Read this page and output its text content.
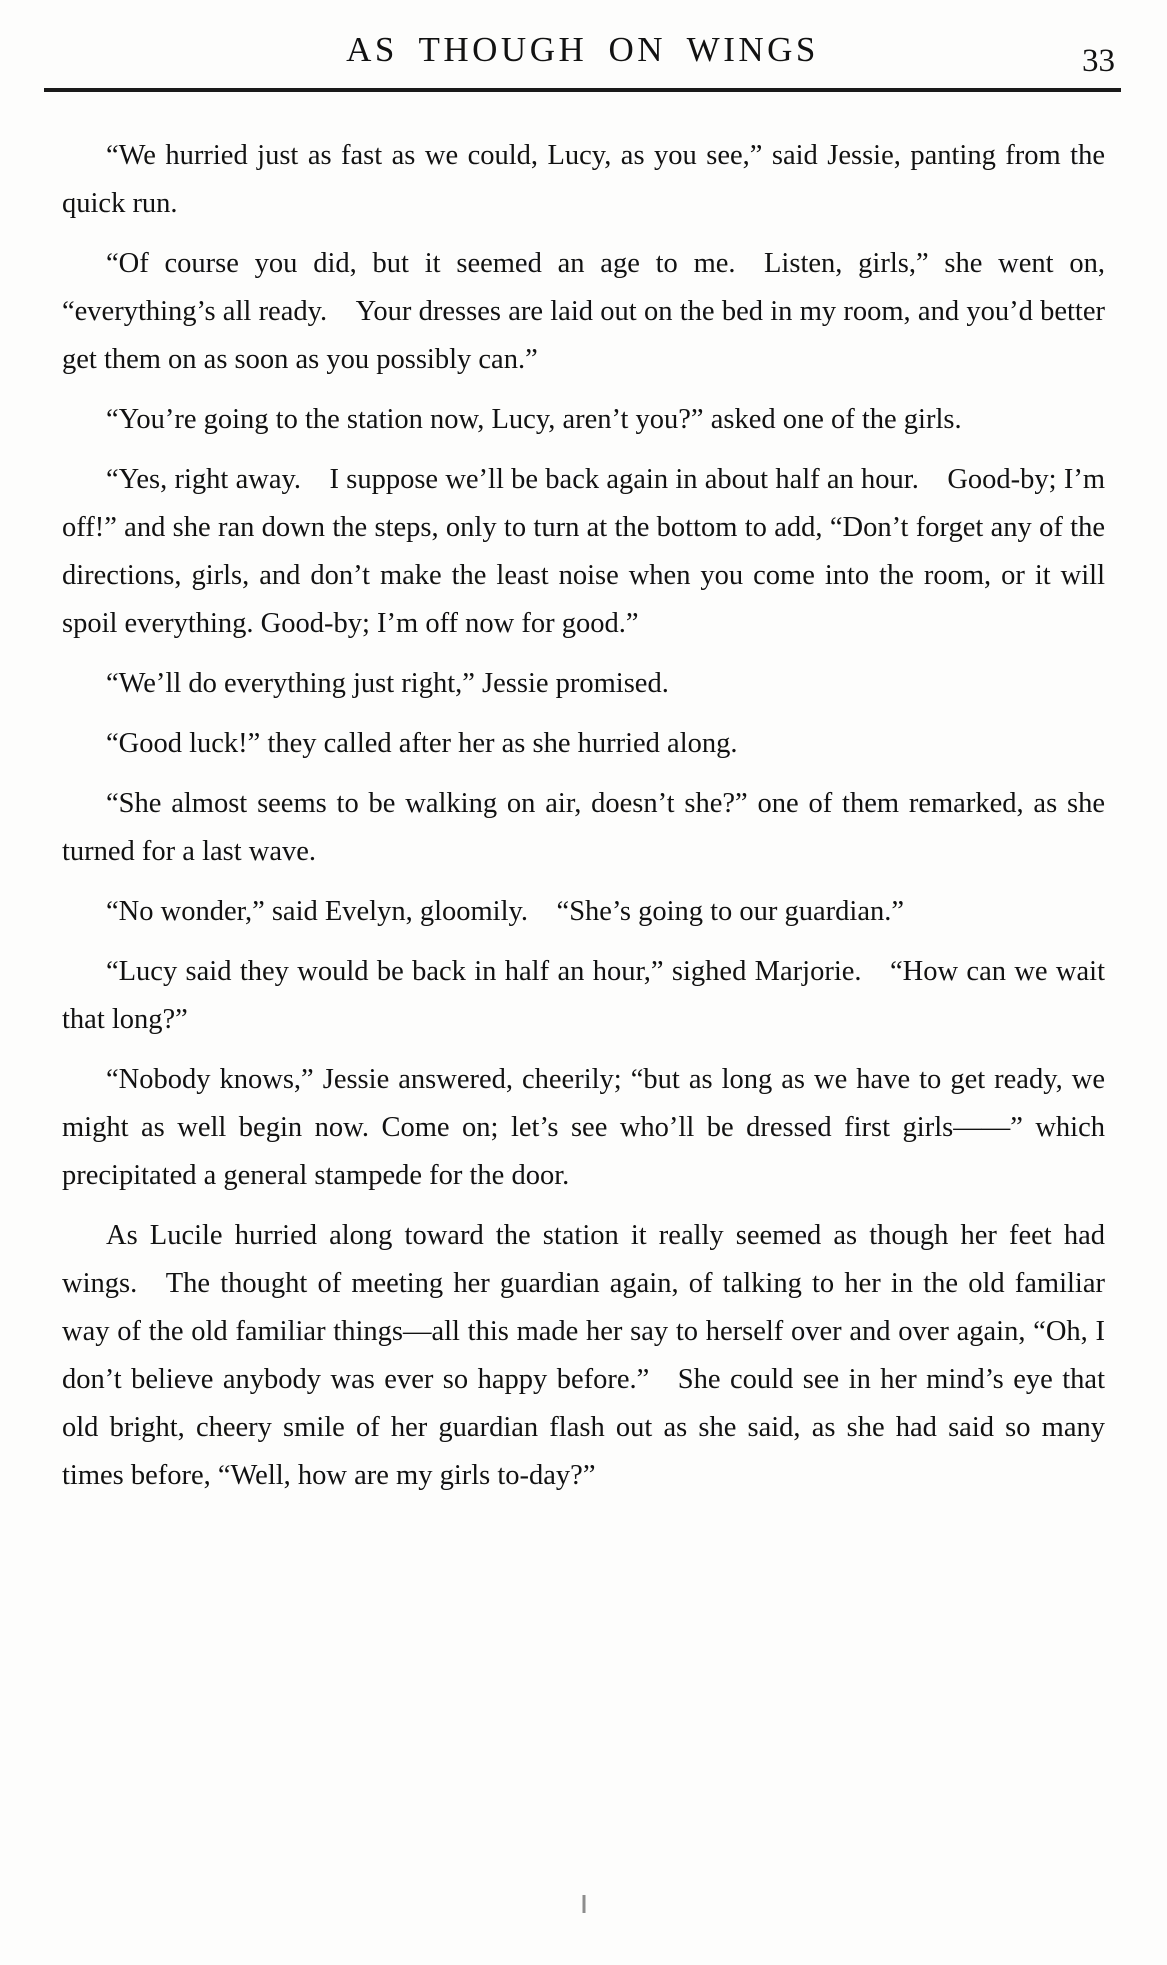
AS THOUGH ON WINGS	33

“We hurried just as fast as we could, Lucy, as you see,” said Jessie, panting from the quick run.

“Of course you did, but it seemed an age to me. Listen, girls,” she went on, “everything’s all ready. Your dresses are laid out on the bed in my room, and you’d better get them on as soon as you possibly can.”

“You’re going to the station now, Lucy, aren’t you?” asked one of the girls.

“Yes, right away. I suppose we’ll be back again in about half an hour. Good-by; I’m off!” and she ran down the steps, only to turn at the bottom to add, “Don’t forget any of the directions, girls, and don’t make the least noise when you come into the room, or it will spoil everything. Good-by; I’m off now for good.”

“We’ll do everything just right,” Jessie promised.

“Good luck!” they called after her as she hurried along.

“She almost seems to be walking on air, doesn’t she?” one of them remarked, as she turned for a last wave.

“No wonder,” said Evelyn, gloomily. “She’s going to our guardian.”

“Lucy said they would be back in half an hour,” sighed Marjorie. “How can we wait that long?”

“Nobody knows,” Jessie answered, cheerily; “but as long as we have to get ready, we might as well begin now. Come on; let’s see who’ll be dressed first girls——” which precipitated a general stampede for the door.

As Lucile hurried along toward the station it really seemed as though her feet had wings. The thought of meeting her guardian again, of talking to her in the old familiar way of the old familiar things—all this made her say to herself over and over again, “Oh, I don’t believe anybody was ever so happy before.” She could see in her mind’s eye that old bright, cheery smile of her guardian flash out as she said, as she had said so many times before, “Well, how are my girls to-day?”
